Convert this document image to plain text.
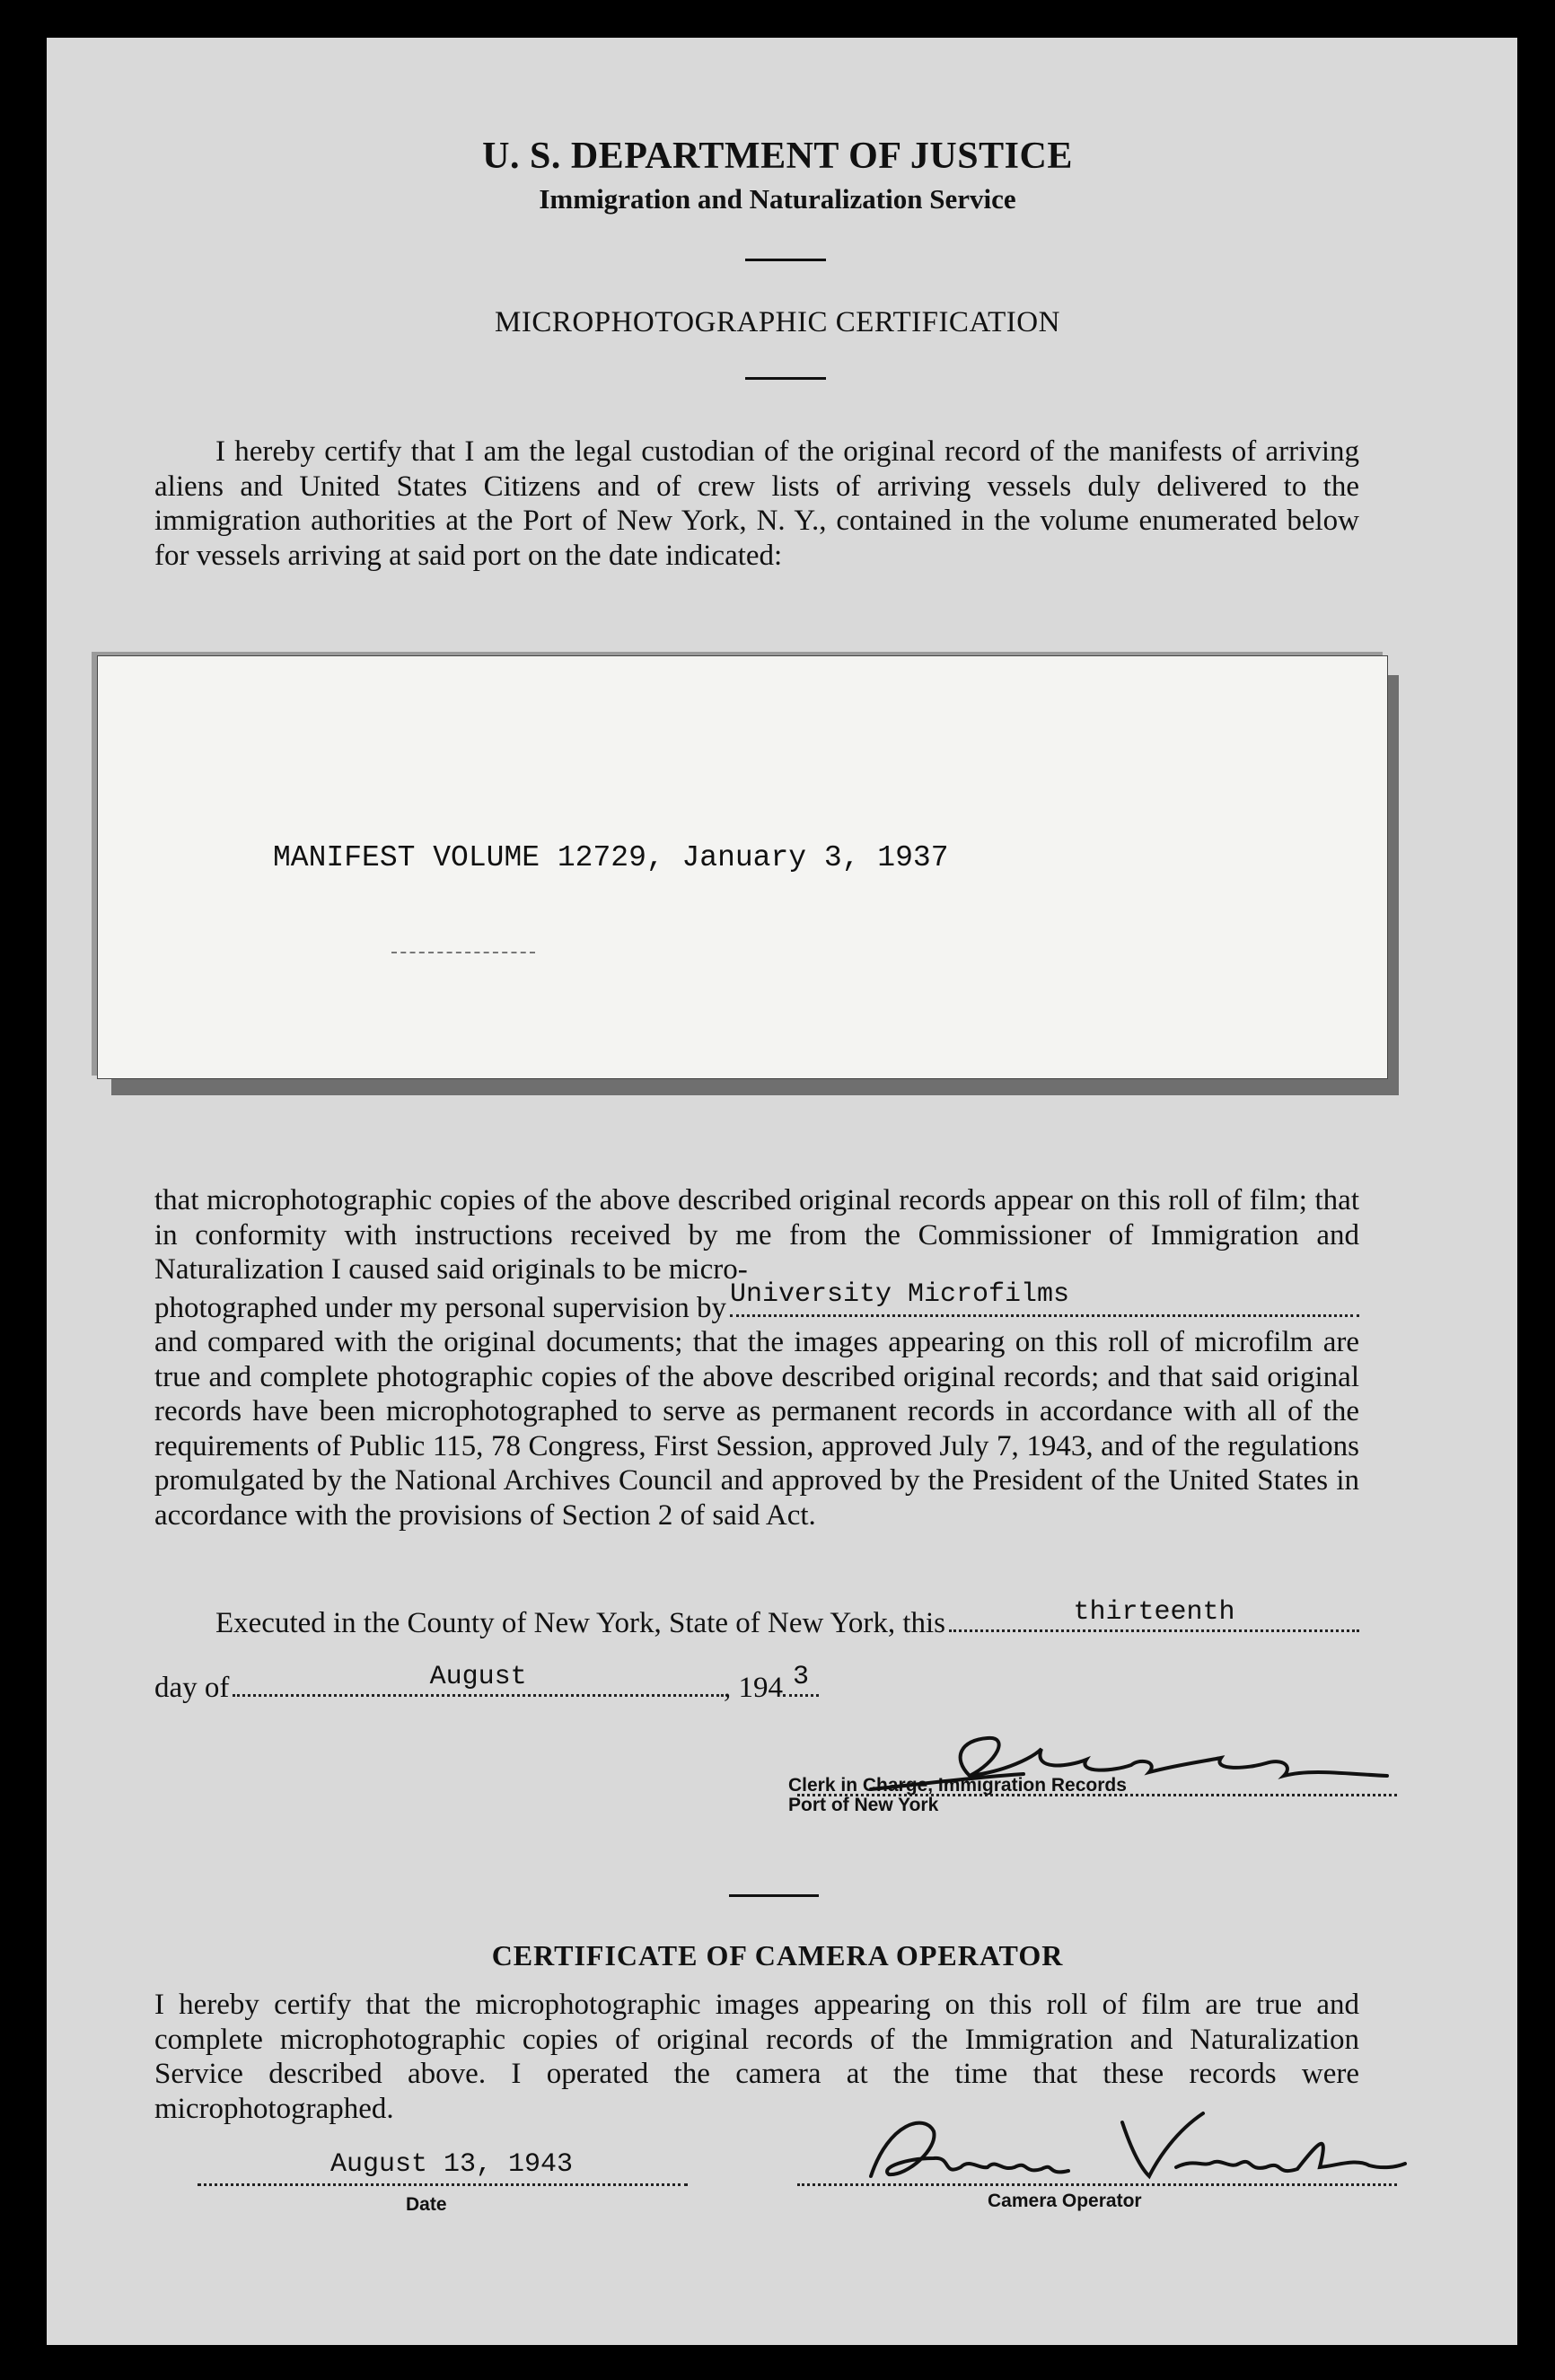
U. S. DEPARTMENT OF JUSTICE
Immigration and Naturalization Service
MICROPHOTOGRAPHIC CERTIFICATION
I hereby certify that I am the legal custodian of the original record of the manifests of arriving aliens and United States Citizens and of crew lists of arriving vessels duly delivered to the immigration authorities at the Port of New York, N. Y., contained in the volume enumerated below for vessels arriving at said port on the date indicated:
MANIFEST VOLUME 12729, January 3, 1937
that microphotographic copies of the above described original records appear on this roll of film; that in conformity with instructions received by me from the Commissioner of Immigration and Naturalization I caused said originals to be micro-
photographed under my personal supervision by University Microfilms
and compared with the original documents; that the images appearing on this roll of microfilm are true and complete photographic copies of the above described original records; and that said original records have been microphotographed to serve as permanent records in accordance with all of the requirements of Public 115, 78 Congress, First Session, approved July 7, 1943, and of the regulations promulgated by the National Archives Council and approved by the President of the United States in accordance with the provisions of Section 2 of said Act.
Executed in the County of New York, State of New York, this	thirteenth
day of	August	, 194 3
Clerk in Charge, Immigration Records
Port of New York
CERTIFICATE OF CAMERA OPERATOR
I hereby certify that the microphotographic images appearing on this roll of film are true and complete microphotographic copies of original records of the Immigration and Naturalization Service described above. I operated the camera at the time that these records were microphotographed.
August 13, 1943
Date	Camera Operator
